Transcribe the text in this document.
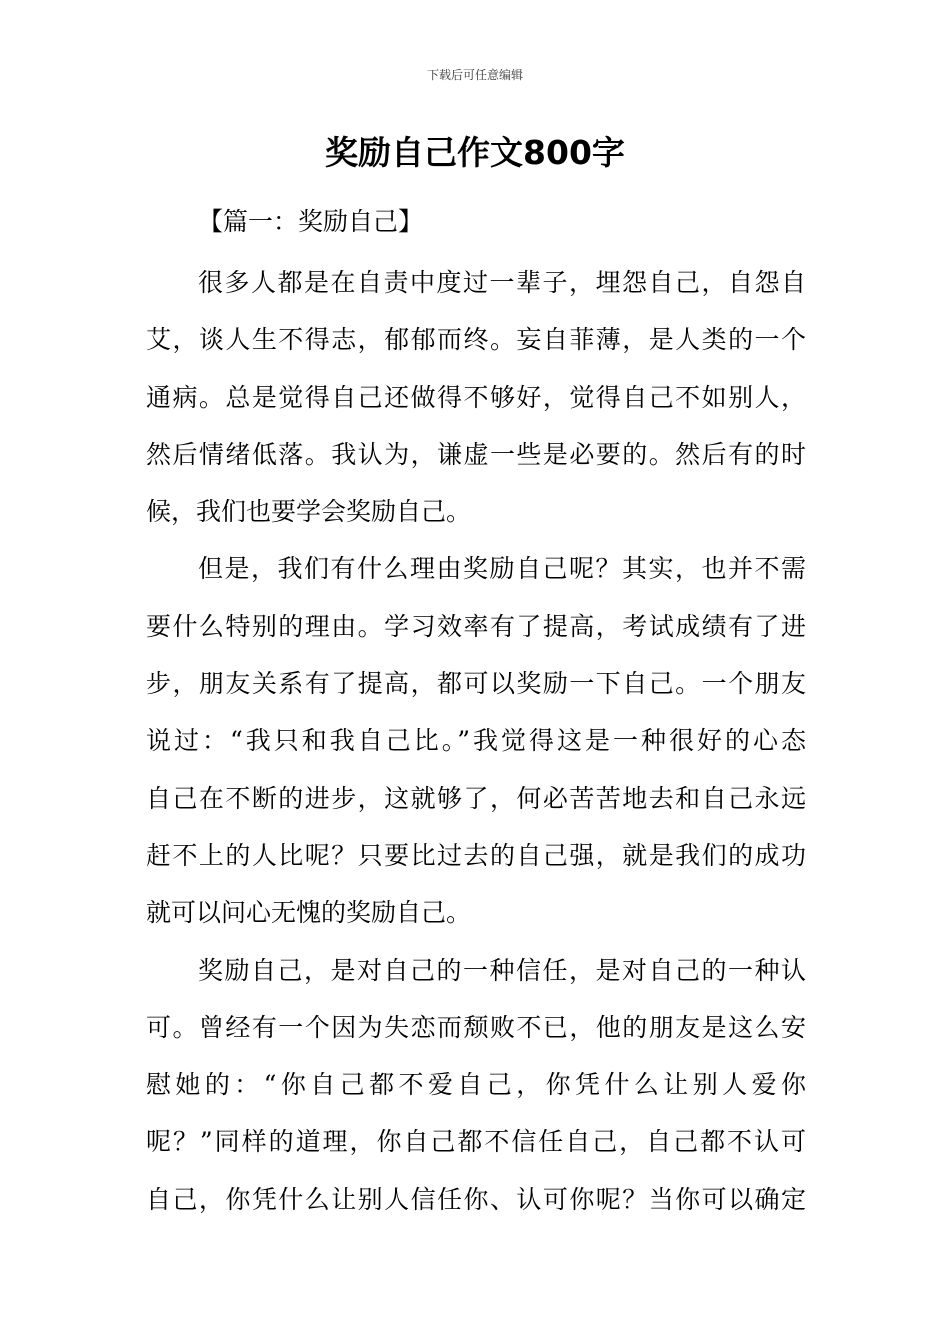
下载后可任意编辑
奖励自己作文800字

【篇一：奖励自己】

很多人都是在自责中度过一辈子，埋怨自己，自怨自
艾，谈人生不得志，郁郁而终。妄自菲薄，是人类的一个
通病。总是觉得自己还做得不够好，觉得自己不如别人，
然后情绪低落。我认为，谦虚一些是必要的。然后有的时
候，我们也要学会奖励自己。
但是，我们有什么理由奖励自己呢？其实，也并不需
要什么特别的理由。学习效率有了提高，考试成绩有了进
步，朋友关系有了提高，都可以奖励一下自己。一个朋友
说过：“我只和我自己比。”我觉得这是一种很好的心态
自己在不断的进步，这就够了，何必苦苦地去和自己永远
赶不上的人比呢？只要比过去的自己强，就是我们的成功
就可以问心无愧的奖励自己。
奖励自己，是对自己的一种信任，是对自己的一种认
可。曾经有一个因为失恋而颓败不已，他的朋友是这么安
慰她的：“你自己都不爱自己，你凭什么让别人爱你
呢？”同样的道理，你自己都不信任自己，自己都不认可
自己，你凭什么让别人信任你、认可你呢？当你可以确定
